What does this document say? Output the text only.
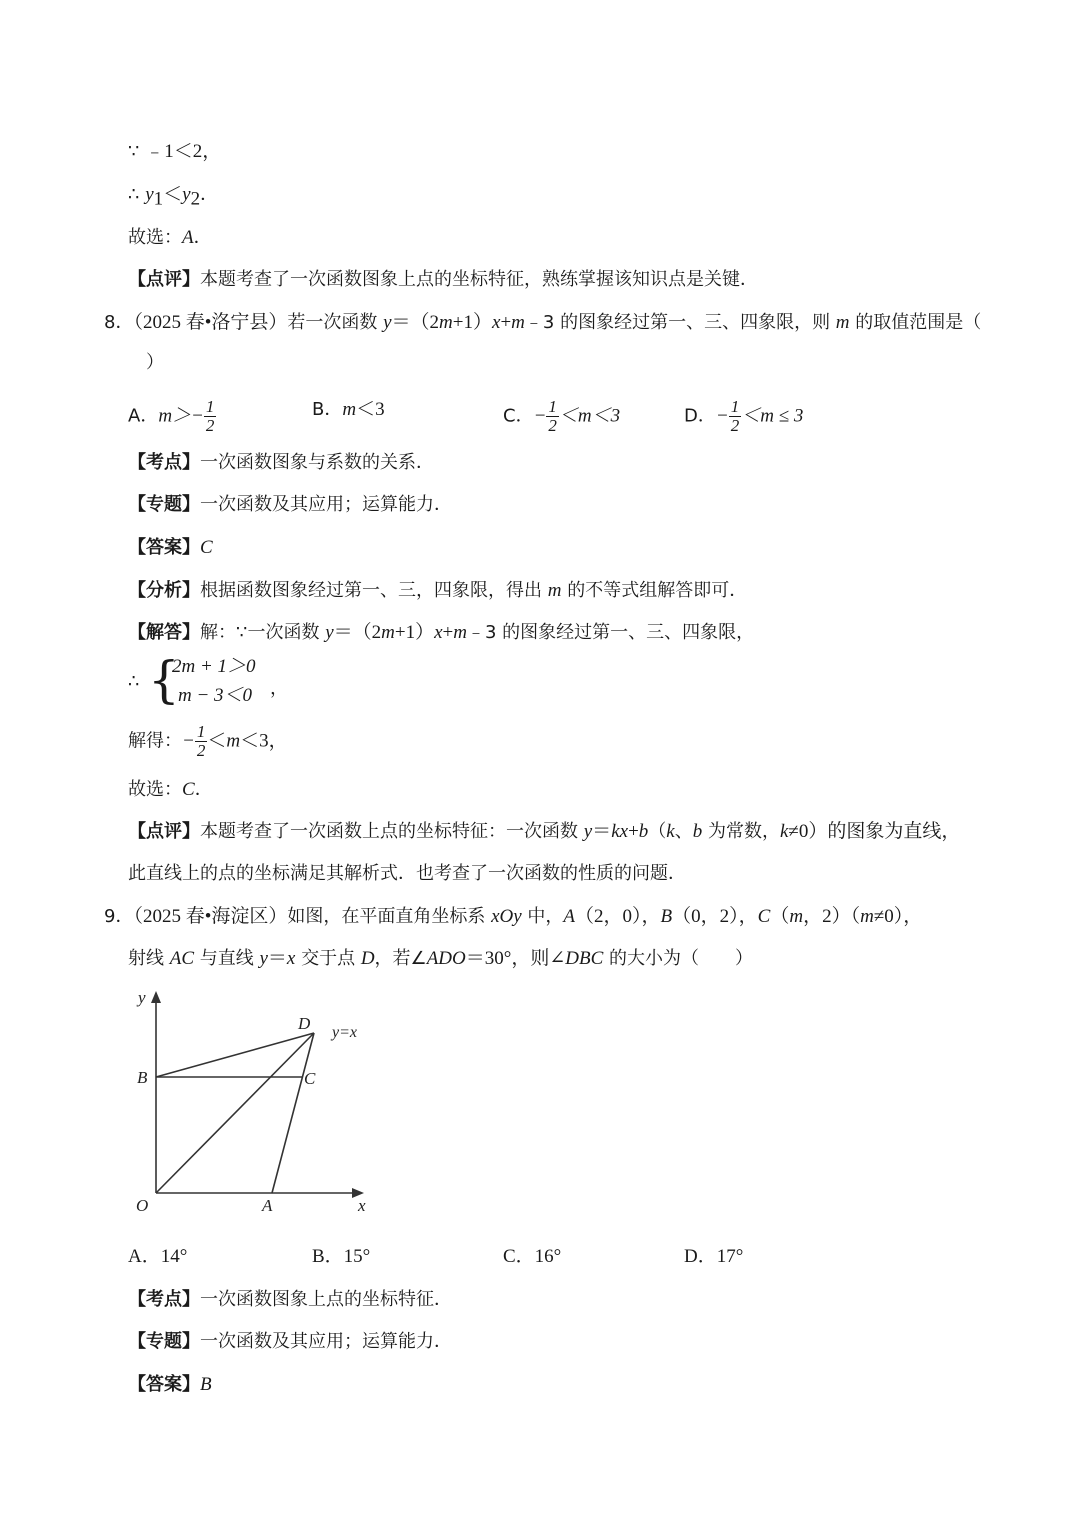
∵ ﹣1＜2，
∴ $y_1<y_2$．
故选：A．
【点评】本题考查了一次函数图象上点的坐标特征，熟练掌握该知识点是关键．
8．（2025 春•洛宁县）若一次函数 y＝（2m+1）x+m﹣3 的图象经过第一、三、四象限，则 m 的取值范围是（
）
A．$m>- \frac{1}{2}$	B．m＜3	C．− $\frac{1}{2} <m<3$	D．− $\frac{1}{2} <m \le 3$
【考点】一次函数图象与系数的关系．
【专题】一次函数及其应用；运算能力．
【答案】C
【分析】根据函数图象经过第一、三，四象限，得出 m 的不等式组解答即可．
【解答】解：∵一次函数 y＝（2m+1）x+m﹣3 的图象经过第一、三、四象限，
∴ {
2m + 1＞0
m − 3＜0 ，
解得：− $\frac{1}{2} <m<3$，
故选：C．
【点评】本题考查了一次函数上点的坐标特征：一次函数 y＝kx+b（k、b 为常数，k≠0）的图象为直线，
此直线上的点的坐标满足其解析式．也考查了一次函数的性质的问题．
9．（2025 春•海淀区）如图，在平面直角坐标系 xOy 中，A（2，0），B（0，2），C（m，2）（m≠0），
射线 AC 与直线 y＝x 交于点 D，若∠ADO＝30°，则∠DBC 的大小为（　　）
y
x
O	A
B	C
D y=x
A．14°	B．15°	C．16°	D．17°
【考点】一次函数图象上点的坐标特征．
【专题】一次函数及其应用；运算能力．
【答案】B
